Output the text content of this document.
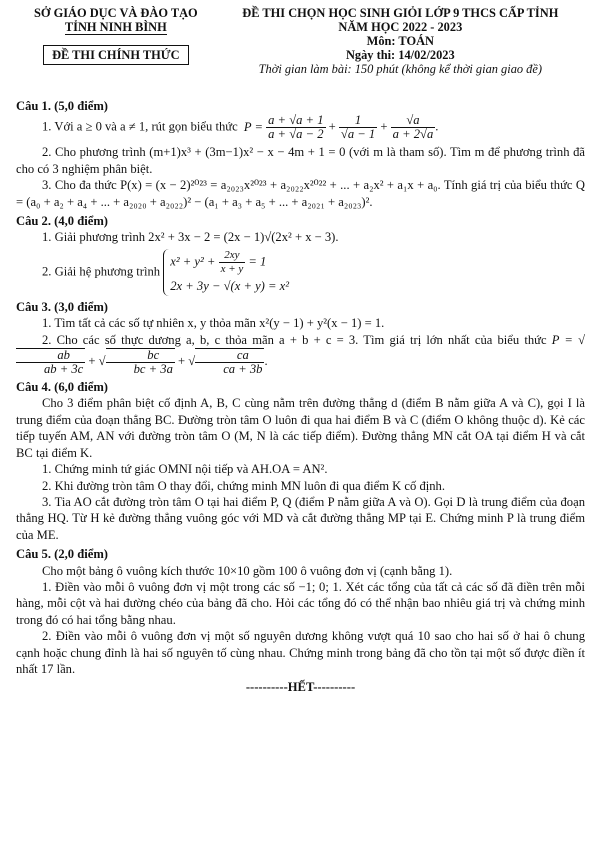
SỞ GIÁO DỤC VÀ ĐÀO TẠO
TỈNH NINH BÌNH
ĐỀ THI CHÍNH THỨC
ĐỀ THI CHỌN HỌC SINH GIỎI LỚP 9 THCS CẤP TỈNH
NĂM HỌC 2022 - 2023
Môn: TOÁN
Ngày thi: 14/02/2023
Thời gian làm bài: 150 phút (không kể thời gian giao đề)
Câu 1. (5,0 điểm)

1. Với a ≥ 0 và a ≠ 1, rút gọn biểu thức $P = \frac{a + √a + 1}{a + √a - 2} + \frac{1}{√a - 1} + \frac{√a}{a + 2√a}$ .

2. Cho phương trình (m+1)x³ + (3m−1)x² − x − 4m + 1 = 0 (với m là tham số). Tìm m để phương trình đã cho có 3 nghiệm phân biệt.

3. Cho đa thức P(x) = (x − 2)²⁰²³ = a₂₀₂₃x²⁰²³ + a₂₀₂₂x²⁰²² + ... + a₂x² + a₁x + a₀. Tính giá trị của biểu thức Q = (a₀ + a₂ + a₄ + ... + a₂₀₂₀ + a₂₀₂₂)² − (a₁ + a₃ + a₅ + ... + a₂₀₂₁ + a₂₀₂₃)².

Câu 2. (4,0 điểm)

1. Giải phương trình 2x² + 3x − 2 = (2x − 1)√(2x² + x − 3).

2. Giải hệ phương trình
$x^2 + y^2 + \frac{2xy}{x + y} = 1$
2x + 3y − √(x + y) = x²

Câu 3. (3,0 điểm)

1. Tìm tất cả các số tự nhiên x, y thỏa mãn x²(y − 1) + y²(x − 1) = 1.

2. Cho các số thực dương a, b, c thỏa mãn a + b + c = 3. Tìm giá trị lớn nhất của biểu thức P = √
$\frac{ab}{ab + 3c}$ + √ $\frac{bc}{bc + 3a}$ + √ $\frac{ca}{ca + 3b}$ .

Câu 4. (6,0 điểm)

Cho 3 điểm phân biệt cố định A, B, C cùng nằm trên đường thẳng d (điểm B nằm giữa A và C), gọi I là trung điểm của đoạn thẳng BC. Đường tròn tâm O luôn đi qua hai điểm B và C (điểm O không thuộc d). Kẻ các tiếp tuyến AM, AN với đường tròn tâm O (M, N là các tiếp điểm). Đường thẳng MN cắt OA tại điểm H và cắt BC tại điểm K.

1. Chứng minh tứ giác OMNI nội tiếp và AH.OA = AN².

2. Khi đường tròn tâm O thay đổi, chứng minh MN luôn đi qua điểm K cố định.

3. Tia AO cắt đường tròn tâm O tại hai điểm P, Q (điểm P nằm giữa A và O). Gọi D là trung điểm của đoạn thẳng HQ. Từ H kẻ đường thẳng vuông góc với MD và cắt đường thẳng MP tại E. Chứng minh P là trung điểm của ME.

Câu 5. (2,0 điểm)

Cho một bảng ô vuông kích thước 10×10 gồm 100 ô vuông đơn vị (cạnh bằng 1).

1. Điền vào mỗi ô vuông đơn vị một trong các số −1; 0; 1. Xét các tổng của tất cả các số đã điền trên mỗi hàng, mỗi cột và hai đường chéo của bảng đã cho. Hỏi các tổng đó có thể nhận bao nhiêu giá trị và chứng minh trong đó có hai tổng bằng nhau.

2. Điền vào mỗi ô vuông đơn vị một số nguyên dương không vượt quá 10 sao cho hai số ở hai ô chung cạnh hoặc chung đỉnh là hai số nguyên tố cùng nhau. Chứng minh trong bảng đã cho tồn tại một số được điền ít nhất 17 lần.

----------HẾT----------
